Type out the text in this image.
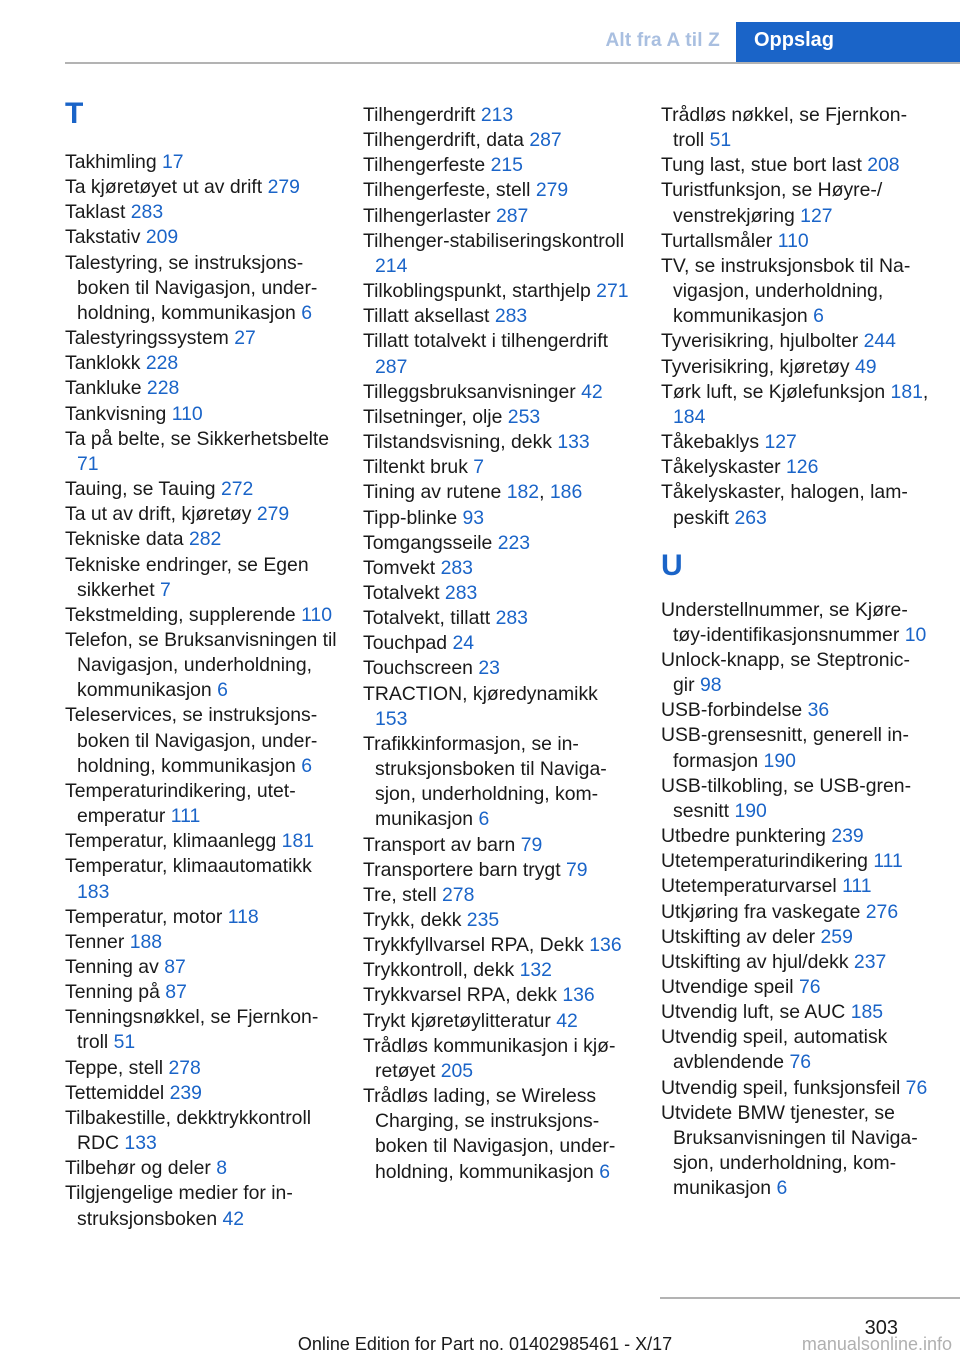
Alt fra A til Z	Oppslag
T
Takhimling 17
Ta kjøretøyet ut av drift 279
Taklast 283
Takstativ 209
Talestyring, se instruksjonsboken til Navigasjon, underholdning, kommunikasjon 6
Talestyringssystem 27
Tanklokk 228
Tankluke 228
Tankvisning 110
Ta på belte, se Sikkerhetsbelte 71
Tauing, se Tauing 272
Ta ut av drift, kjøretøy 279
Tekniske data 282
Tekniske endringer, se Egen sikkerhet 7
Tekstmelding, supplerende 110
Telefon, se Bruksanvisningen til Navigasjon, underholdning, kommunikasjon 6
Teleservices, se instruksjonsboken til Navigasjon, underholdning, kommunikasjon 6
Temperaturindikering, utetemperatur 111
Temperatur, klimaanlegg 181
Temperatur, klimaautomatikk 183
Temperatur, motor 118
Tenner 188
Tenning av 87
Tenning på 87
Tenningsnøkkel, se Fjernkontroll 51
Teppe, stell 278
Tettemiddel 239
Tilbakestille, dekktrykkontroll RDC 133
Tilbehør og deler 8
Tilgjengelige medier for instruksjonsboken 42
Tilhengerdrift 213
Tilhengerdrift, data 287
Tilhengerfeste 215
Tilhengerfeste, stell 279
Tilhengerlaster 287
Tilhenger-stabiliseringskontroll 214
Tilkoblingspunkt, starthjelp 271
Tillatt aksellast 283
Tillatt totalvekt i tilhengerdrift 287
Tilleggsbruksanvisninger 42
Tilsetninger, olje 253
Tilstandsvisning, dekk 133
Tiltenkt bruk 7
Tining av rutene 182, 186
Tipp-blinke 93
Tomgangsseile 223
Tomvekt 283
Totalvekt 283
Totalvekt, tillatt 283
Touchpad 24
Touchscreen 23
TRACTION, kjøredynamikk 153
Trafikkinformasjon, se instruksjonsboken til Navigasjon, underholdning, kommunikasjon 6
Transport av barn 79
Transportere barn trygt 79
Tre, stell 278
Trykk, dekk 235
Trykkfyllvarsel RPA, Dekk 136
Trykkontroll, dekk 132
Trykkvarsel RPA, dekk 136
Trykt kjøretøylitteratur 42
Trådløs kommunikasjon i kjøretøyet 205
Trådløs lading, se Wireless Charging, se instruksjonsboken til Navigasjon, underholdning, kommunikasjon 6
Trådløs nøkkel, se Fjernkontroll 51
Tung last, stue bort last 208
Turistfunksjon, se Høyre-/ venstrekjøring 127
Turtallsmåler 110
TV, se instruksjonsbok til Navigasjon, underholdning, kommunikasjon 6
Tyverisikring, hjulbolter 244
Tyverisikring, kjøretøy 49
Tørk luft, se Kjølefunksjon 181, 184
Tåkebaklys 127
Tåkelyskaster 126
Tåkelyskaster, halogen, lampeskift 263
U
Understellnummer, se Kjøretøy-identifikasjonsnummer 10
Unlock-knapp, se Steptronic-gir 98
USB-forbindelse 36
USB-grensesnitt, generell informasjon 190
USB-tilkobling, se USB-grensesnitt 190
Utbedre punktering 239
Utetemperaturindikering 111
Utetemperaturvarsel 111
Utkjøring fra vaskegate 276
Utskifting av deler 259
Utskifting av hjul/dekk 237
Utvendige speil 76
Utvendig luft, se AUC 185
Utvendig speil, automatisk avblendende 76
Utvendig speil, funksjonsfeil 76
Utvidete BMW tjenester, se Bruksanvisningen til Navigasjon, underholdning, kommunikasjon 6
303
Online Edition for Part no. 01402985461 - X/17	manualsonline.info
